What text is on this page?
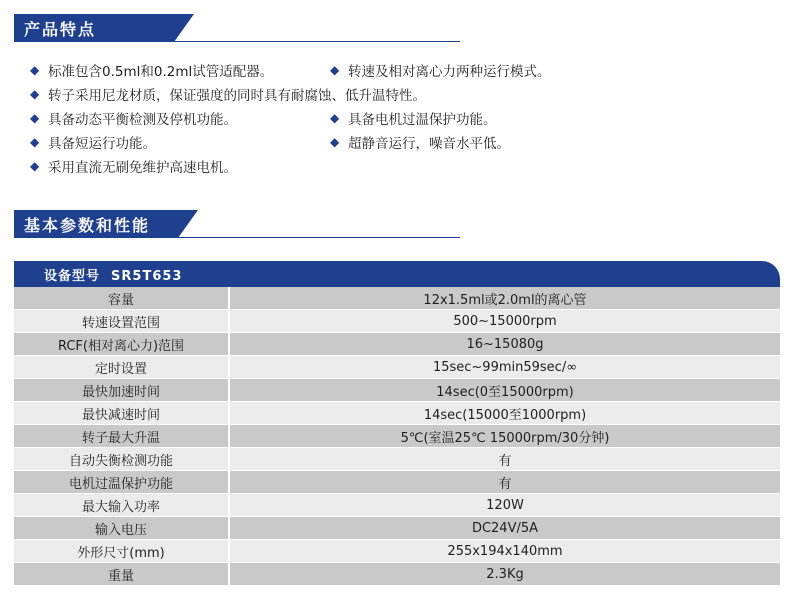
产品特点
◆ 标准包含0.5ml和0.2ml试管适配器。	◆ 转速及相对离心力两种运行模式。
◆ 转子采用尼龙材质，保证强度的同时具有耐腐蚀、低升温特性。
◆ 具备动态平衡检测及停机功能。	◆ 具备电机过温保护功能。
◆ 具备短运行功能。	◆ 超静音运行，噪音水平低。
◆ 采用直流无刷免维护高速电机。
基本参数和性能
设备型号  SR5T653
容量	12x1.5ml或2.0ml的离心管
转速设置范围	500~15000rpm
RCF(相对离心力)范围	16~15080g
定时设置	15sec~99min59sec/∞
最快加速时间	14sec(0至15000rpm)
最快减速时间	14sec(15000至1000rpm)
转子最大升温	5℃(室温25℃ 15000rpm/30分钟)
自动失衡检测功能	有
电机过温保护功能	有
最大输入功率	120W
输入电压	DC24V/5A
外形尺寸(mm)	255x194x140mm
重量	2.3Kg
